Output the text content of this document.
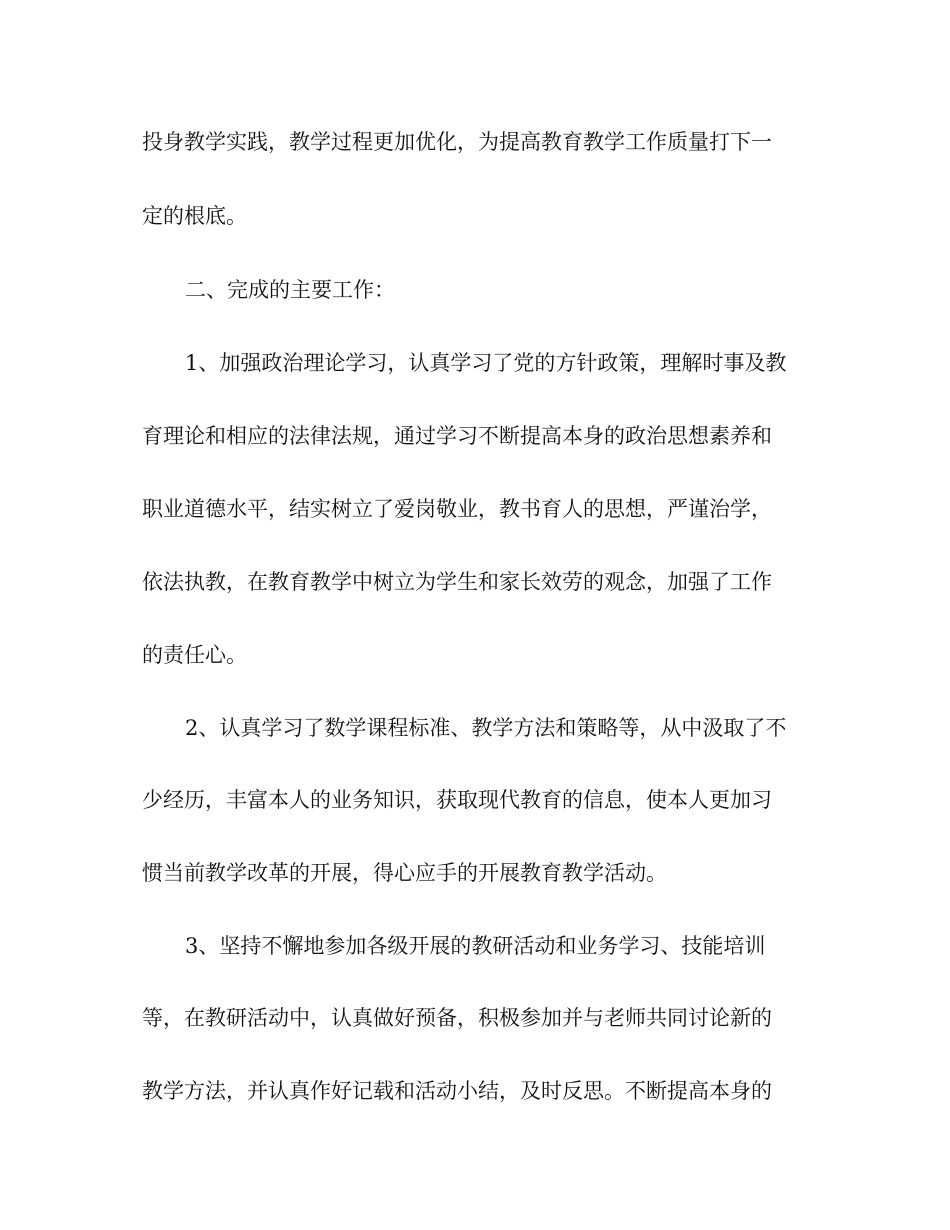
投身教学实践，教学过程更加优化，为提高教育教学工作质量打下一
定的根底。
二、完成的主要工作：
1、加强政治理论学习，认真学习了党的方针政策，理解时事及教
育理论和相应的法律法规，通过学习不断提高本身的政治思想素养和
职业道德水平，结实树立了爱岗敬业，教书育人的思想，严谨治学，
依法执教，在教育教学中树立为学生和家长效劳的观念，加强了工作
的责任心。
2、认真学习了数学课程标准、教学方法和策略等，从中汲取了不
少经历，丰富本人的业务知识，获取现代教育的信息，使本人更加习
惯当前教学改革的开展，得心应手的开展教育教学活动。
3、坚持不懈地参加各级开展的教研活动和业务学习、技能培训
等，在教研活动中，认真做好预备，积极参加并与老师共同讨论新的
教学方法，并认真作好记载和活动小结，及时反思。不断提高本身的
